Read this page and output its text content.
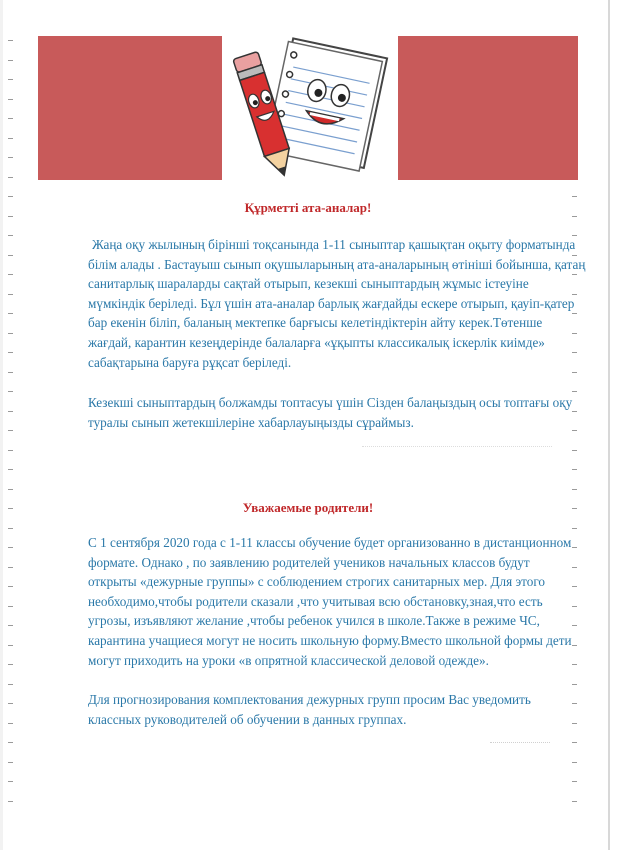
Құрметті ата-аналар!

Жаңа оқу жылының бірінші тоқсанында 1-11 сыныптар қашықтан оқыту форматында білім алады . Бастауыш сынып оқушыларының ата-аналарының өтініші бойынша, қатаң санитарлық шараларды сақтай отырып, кезекші сыныптардың жұмыс істеуіне мүмкіндік беріледі. Бұл үшін ата-аналар барлық жағдайды ескере отырып, қауіп-қатер бар екенін біліп, баланың мектепке барғысы келетіндіктерін айту керек.Төтенше жағдай, карантин кезеңдерінде балаларға «ұқыпты классикалық іскерлік киімде» сабақтарына баруға рұқсат беріледі.

Кезекші сыныптардың болжамды топтасуы үшін Сізден балаңыздың осы топтағы оқу туралы сынып жетекшілеріне хабарлауыңызды сұраймыз.

Уважаемые родители!

С 1 сентября 2020 года с 1-11 классы обучение будет организованно в дистанционном формате. Однако , по заявлению родителей учеников начальных классов будут открыты «дежурные группы» с соблюдением строгих санитарных мер. Для этого необходимо,чтобы родители сказали ,что учитывая всю обстановку,зная,что есть угрозы, изъявляют желание ,чтобы ребенок учился в школе.Также в режиме ЧС, карантина учащиеся могут не носить школьную форму.Вместо школьной формы дети могут приходить на уроки «в опрятной классической деловой одежде».

Для прогнозирования комплектования дежурных групп просим Вас уведомить классных руководителей об обучении в данных группах.
